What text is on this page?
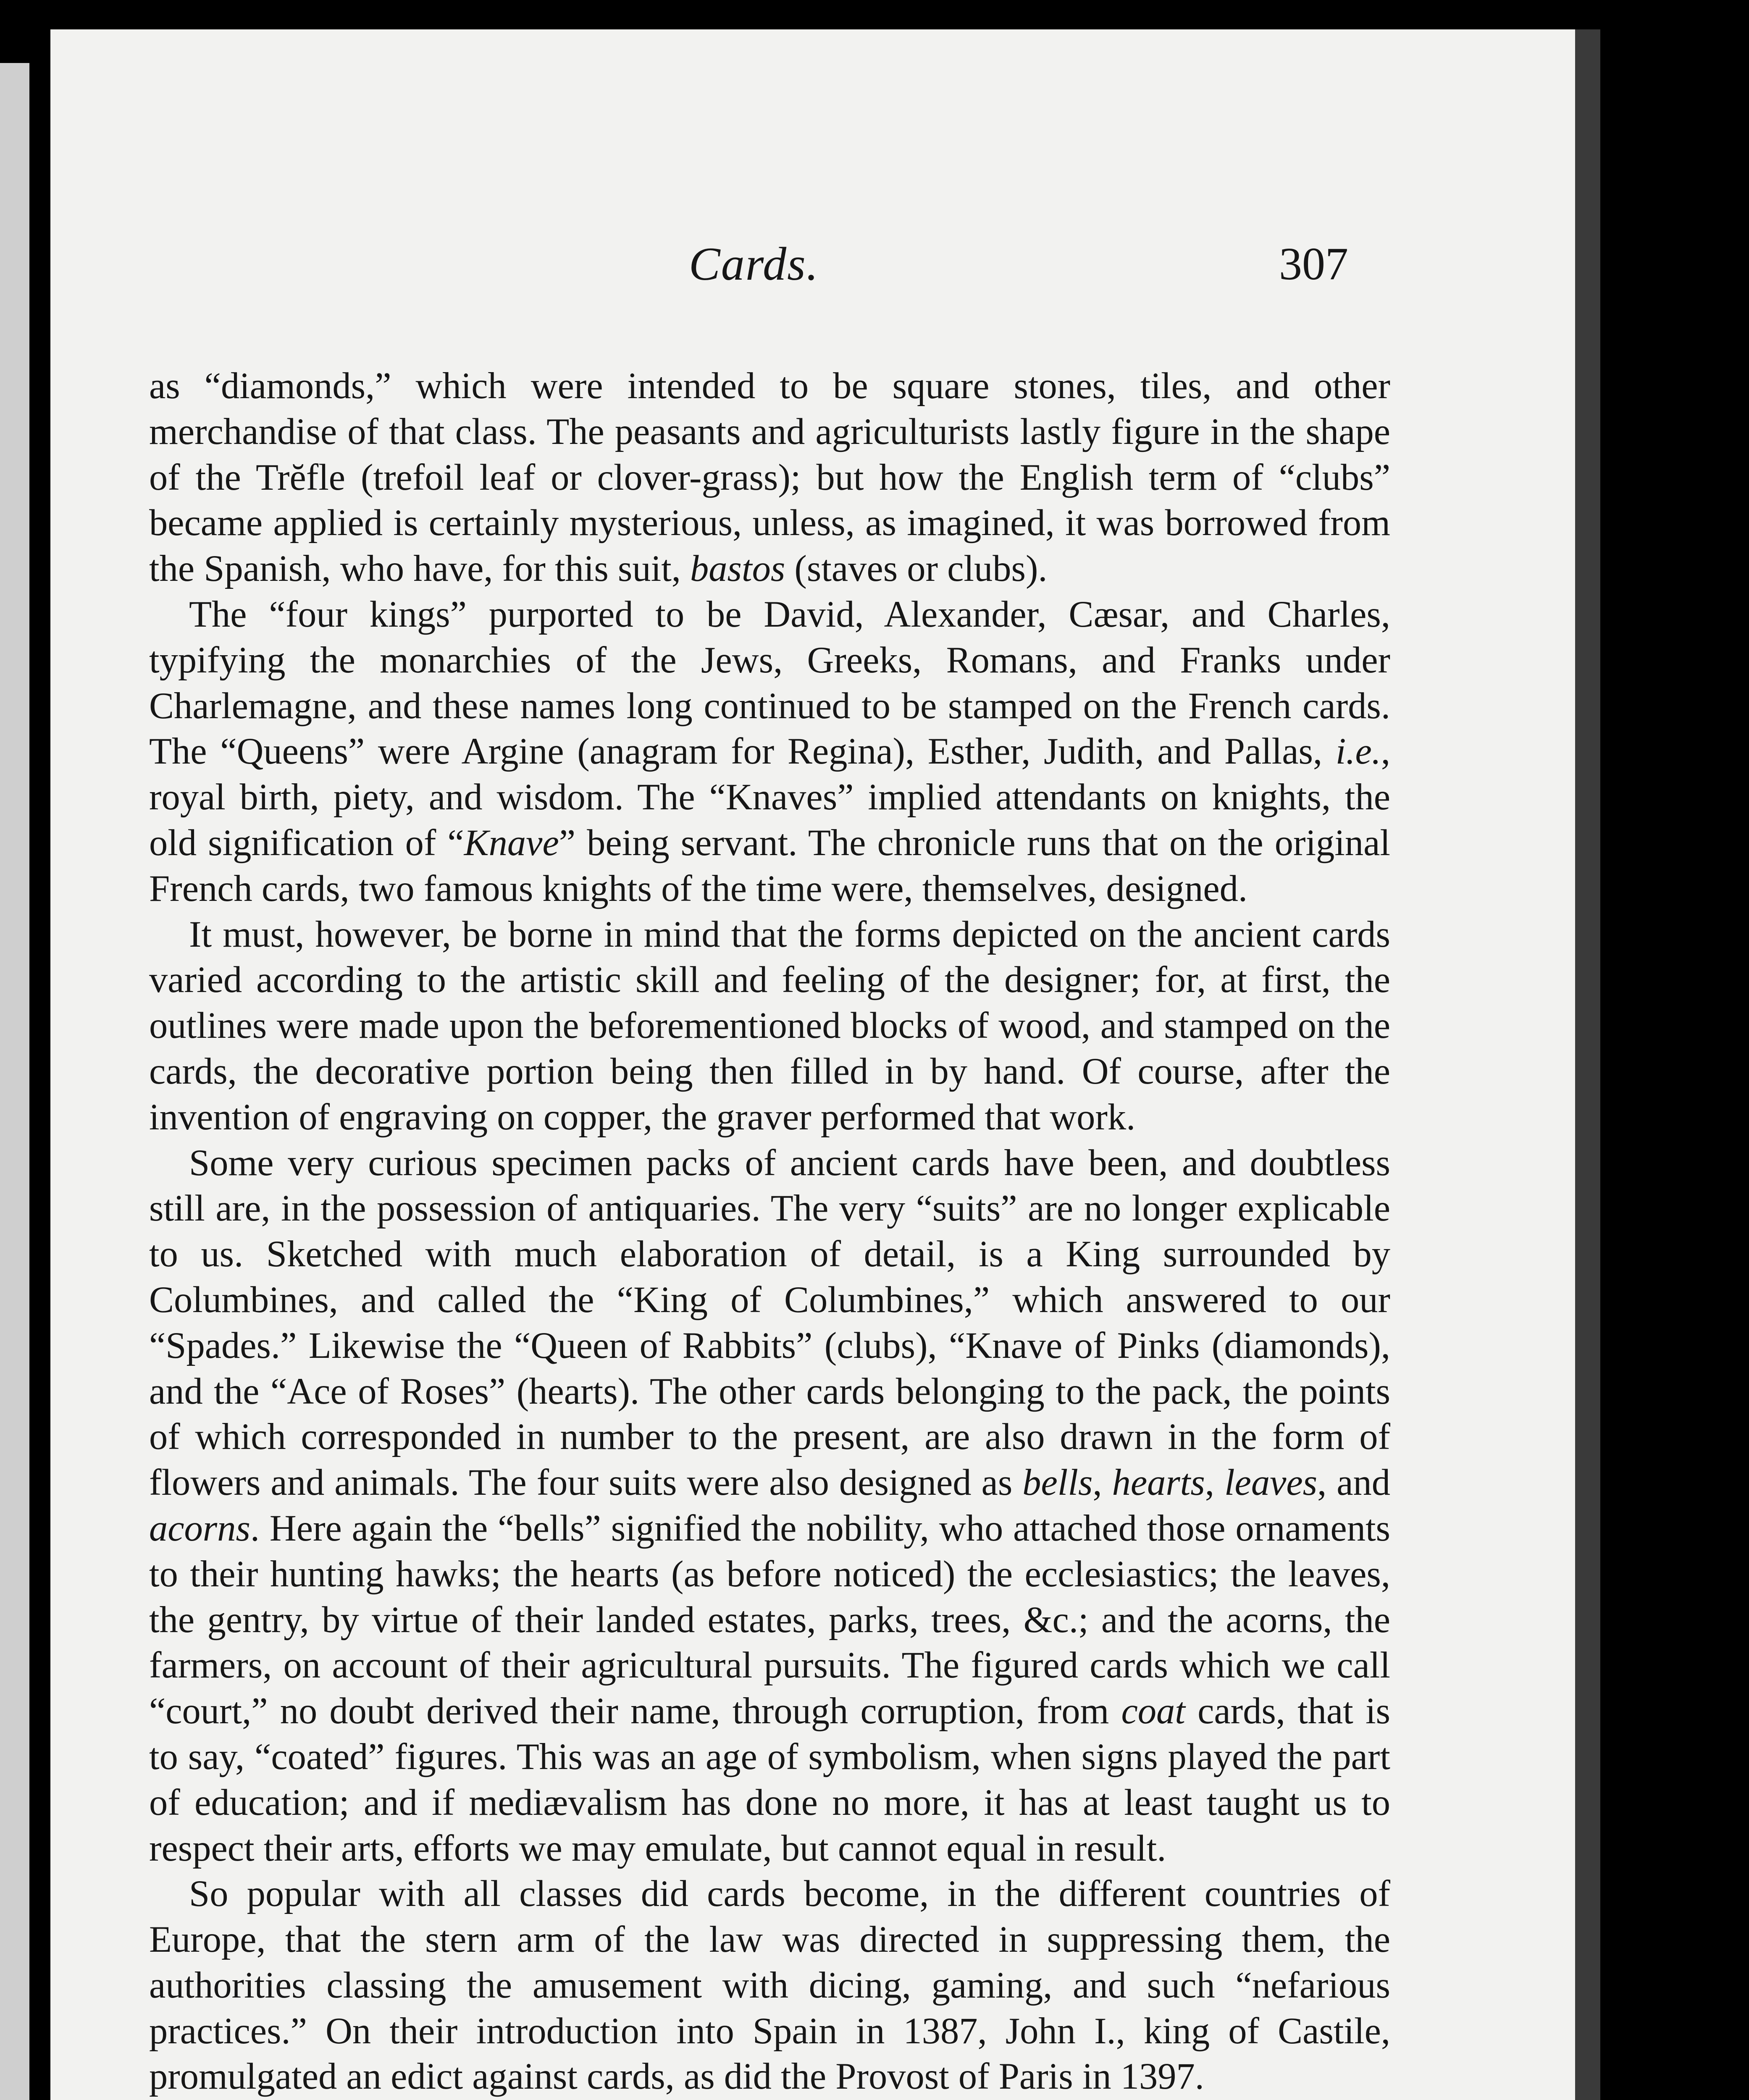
Cards.	307

as “diamonds,” which were intended to be square stones, tiles, and other merchandise of that class. The peasants and agriculturists lastly figure in the shape of the Trĕfle (trefoil leaf or clover-grass); but how the English term of “clubs” became applied is certainly mysterious, unless, as imagined, it was borrowed from the Spanish, who have, for this suit, bastos (staves or clubs).

The “four kings” purported to be David, Alexander, Cæsar, and Charles, typifying the monarchies of the Jews, Greeks, Romans, and Franks under Charlemagne, and these names long continued to be stamped on the French cards. The “Queens” were Argine (anagram for Regina), Esther, Judith, and Pallas, i.e., royal birth, piety, and wisdom. The “Knaves” implied attendants on knights, the old signification of “Knave” being servant. The chronicle runs that on the original French cards, two famous knights of the time were, themselves, designed.

It must, however, be borne in mind that the forms depicted on the ancient cards varied according to the artistic skill and feeling of the designer; for, at first, the outlines were made upon the beforementioned blocks of wood, and stamped on the cards, the decorative portion being then filled in by hand. Of course, after the invention of engraving on copper, the graver performed that work.

Some very curious specimen packs of ancient cards have been, and doubtless still are, in the possession of antiquaries. The very “suits” are no longer explicable to us. Sketched with much elaboration of detail, is a King surrounded by Columbines, and called the “King of Columbines,” which answered to our “Spades.” Likewise the “Queen of Rabbits” (clubs), “Knave of Pinks (diamonds), and the “Ace of Roses” (hearts). The other cards belonging to the pack, the points of which corresponded in number to the present, are also drawn in the form of flowers and animals. The four suits were also designed as bells, hearts, leaves, and acorns. Here again the “bells” signified the nobility, who attached those ornaments to their hunting hawks; the hearts (as before noticed) the ecclesiastics; the leaves, the gentry, by virtue of their landed estates, parks, trees, &c.; and the acorns, the farmers, on account of their agricultural pursuits. The figured cards which we call “court,” no doubt derived their name, through corruption, from coat cards, that is to say, “coated” figures. This was an age of symbolism, when signs played the part of education; and if mediævalism has done no more, it has at least taught us to respect their arts, efforts we may emulate, but cannot equal in result.

So popular with all classes did cards become, in the different countries of Europe, that the stern arm of the law was directed in suppressing them, the authorities classing the amusement with dicing, gaming, and such “nefarious practices.” On their introduction into Spain in 1387, John I., king of Castile, promulgated an edict against cards, as did the Provost of Paris in 1397.
